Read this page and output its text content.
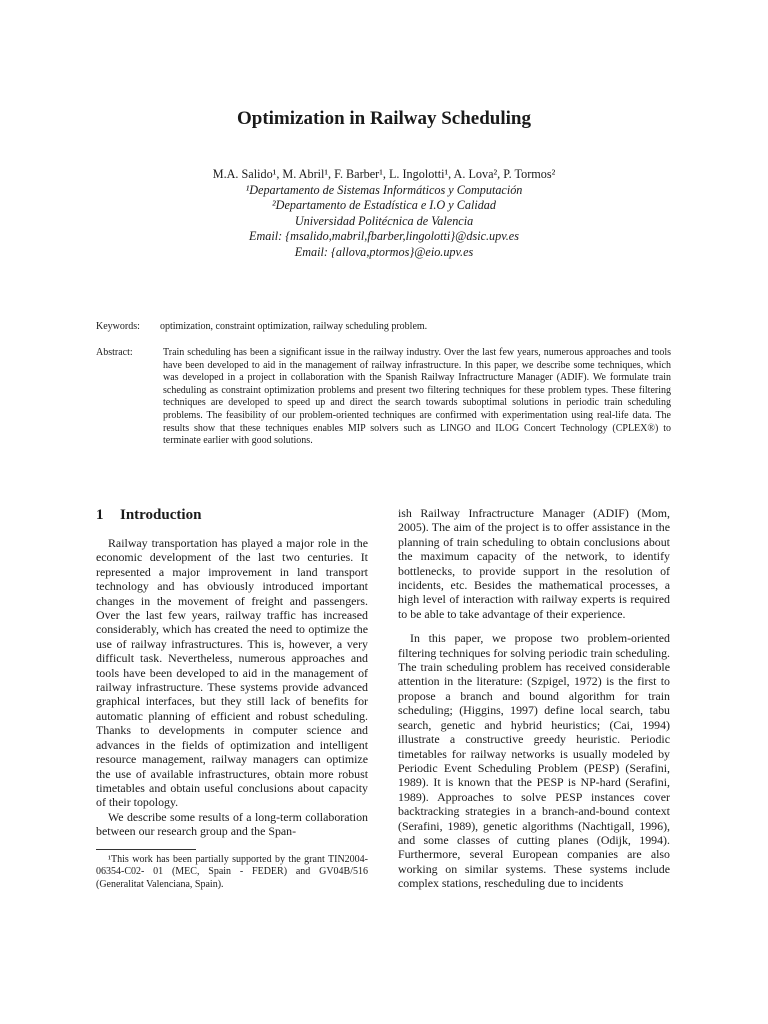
Optimization in Railway Scheduling
M.A. Salido¹, M. Abril¹, F. Barber¹, L. Ingolotti¹, A. Lova², P. Tormos²
¹Departamento de Sistemas Informáticos y Computación
²Departamento de Estadística e I.O y Calidad
Universidad Politécnica de Valencia
Email: {msalido,mabril,fbarber,lingolotti}@dsic.upv.es
Email: {allova,ptormos}@eio.upv.es
Keywords: optimization, constraint optimization, railway scheduling problem.
Abstract:	Train scheduling has been a significant issue in the railway industry. Over the last few years, numerous approaches and tools have been developed to aid in the management of railway infrastructure. In this paper, we describe some techniques, which was developed in a project in collaboration with the Spanish Railway Infractructure Manager (ADIF). We formulate train scheduling as constraint optimization problems and present two filtering techniques for these problem types. These filtering techniques are developed to speed up and direct the search towards suboptimal solutions in periodic train scheduling problems. The feasibility of our problem-oriented techniques are confirmed with experimentation using real-life data. The results show that these techniques enables MIP solvers such as LINGO and ILOG Concert Technology (CPLEX®) to terminate earlier with good solutions.
1 Introduction

Railway transportation has played a major role in the economic development of the last two centuries. It represented a major improvement in land transport technology and has obviously introduced important changes in the movement of freight and passengers. Over the last few years, railway traffic has increased considerably, which has created the need to optimize the use of railway infrastructures. This is, however, a very difficult task. Nevertheless, numerous approaches and tools have been developed to aid in the management of railway infrastructure. These systems provide advanced graphical interfaces, but they still lack of benefits for automatic planning of efficient and robust scheduling. Thanks to developments in computer science and advances in the fields of optimization and intelligent resource management, railway managers can optimize the use of available infrastructures, obtain more robust timetables and obtain useful conclusions about capacity of their topology.

We describe some results of a long-term collaboration between our research group and the Span-

¹This work has been partially supported by the grant TIN2004-06354-C02- 01 (MEC, Spain - FEDER) and GV04B/516 (Generalitat Valenciana, Spain).

ish Railway Infractructure Manager (ADIF) (Mom, 2005). The aim of the project is to offer assistance in the planning of train scheduling to obtain conclusions about the maximum capacity of the network, to identify bottlenecks, to provide support in the resolution of incidents, etc. Besides the mathematical processes, a high level of interaction with railway experts is required to be able to take advantage of their experience.

In this paper, we propose two problem-oriented filtering techniques for solving periodic train scheduling. The train scheduling problem has received considerable attention in the literature: (Szpigel, 1972) is the first to propose a branch and bound algorithm for train scheduling; (Higgins, 1997) define local search, tabu search, genetic and hybrid heuristics; (Cai, 1994) illustrate a constructive greedy heuristic. Periodic timetables for railway networks is usually modeled by Periodic Event Scheduling Problem (PESP) (Serafini, 1989). It is known that the PESP is NP-hard (Serafini, 1989). Approaches to solve PESP instances cover backtracking strategies in a branch-and-bound context (Serafini, 1989), genetic algorithms (Nachtigall, 1996), and some classes of cutting planes (Odijk, 1994). Furthermore, several European companies are also working on similar systems. These systems include complex stations, rescheduling due to incidents
